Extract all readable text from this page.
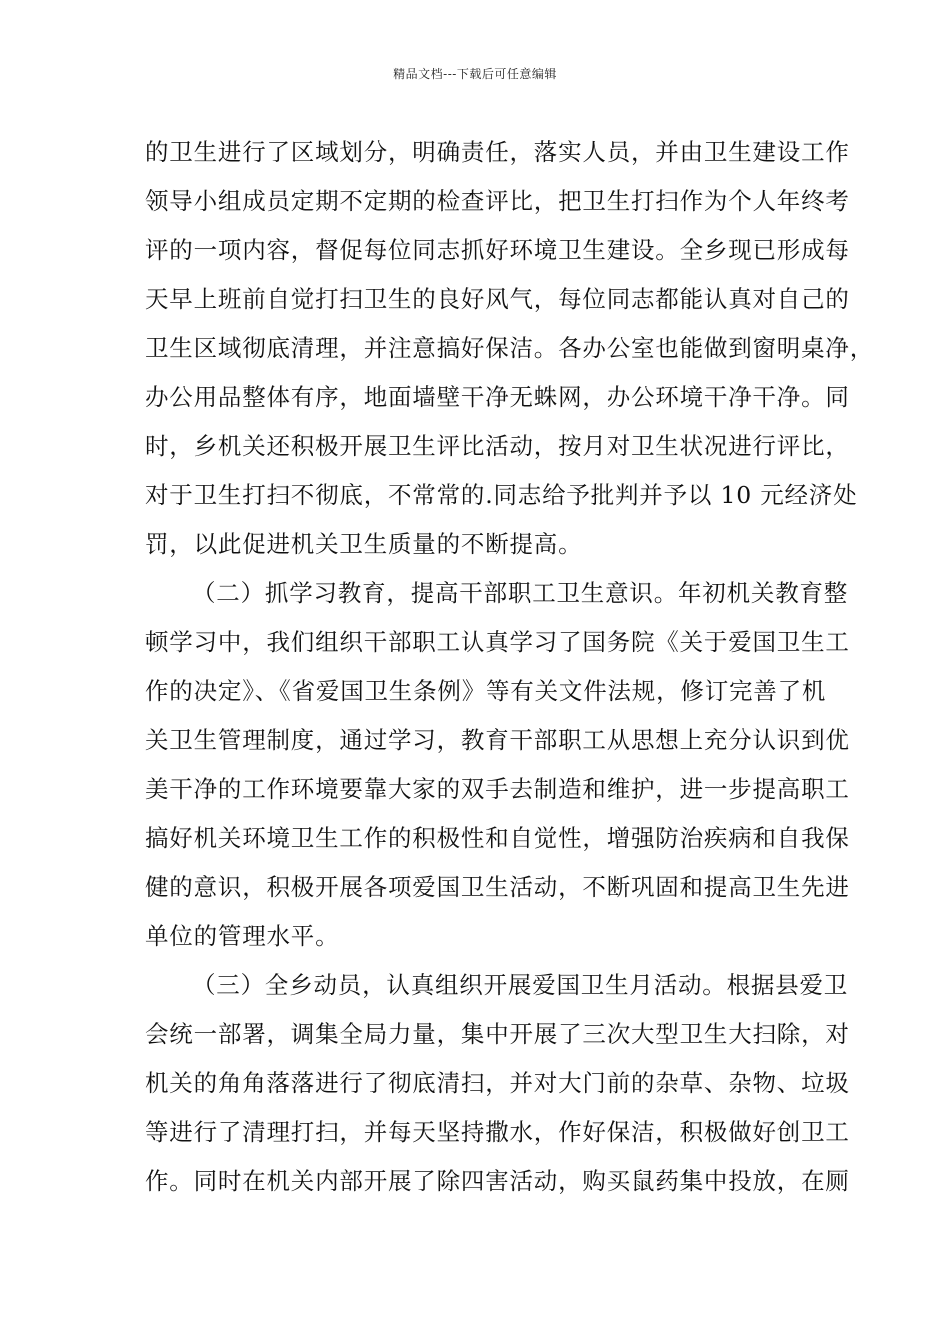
精品文档---下载后可任意编辑
的卫生进行了区域划分，明确责任，落实人员，并由卫生建设工作
领导小组成员定期不定期的检查评比，把卫生打扫作为个人年终考
评的一项内容，督促每位同志抓好环境卫生建设。全乡现已形成每
天早上班前自觉打扫卫生的良好风气，每位同志都能认真对自己的
卫生区域彻底清理，并注意搞好保洁。各办公室也能做到窗明桌净，
办公用品整体有序，地面墙壁干净无蛛网，办公环境干净干净。同
时，乡机关还积极开展卫生评比活动，按月对卫生状况进行评比，
对于卫生打扫不彻底，不常常的.同志给予批判并予以 10 元经济处
罚，以此促进机关卫生质量的不断提高。
（二）抓学习教育，提高干部职工卫生意识。年初机关教育整
顿学习中，我们组织干部职工认真学习了国务院《关于爱国卫生工
作的决定》、《省爱国卫生条例》等有关文件法规，修订完善了机
关卫生管理制度，通过学习，教育干部职工从思想上充分认识到优
美干净的工作环境要靠大家的双手去制造和维护，进一步提高职工
搞好机关环境卫生工作的积极性和自觉性，增强防治疾病和自我保
健的意识，积极开展各项爱国卫生活动，不断巩固和提高卫生先进
单位的管理水平。
（三）全乡动员，认真组织开展爱国卫生月活动。根据县爱卫
会统一部署，调集全局力量，集中开展了三次大型卫生大扫除，对
机关的角角落落进行了彻底清扫，并对大门前的杂草、杂物、垃圾
等进行了清理打扫，并每天坚持撒水，作好保洁，积极做好创卫工
作。同时在机关内部开展了除四害活动，购买鼠药集中投放，在厕
